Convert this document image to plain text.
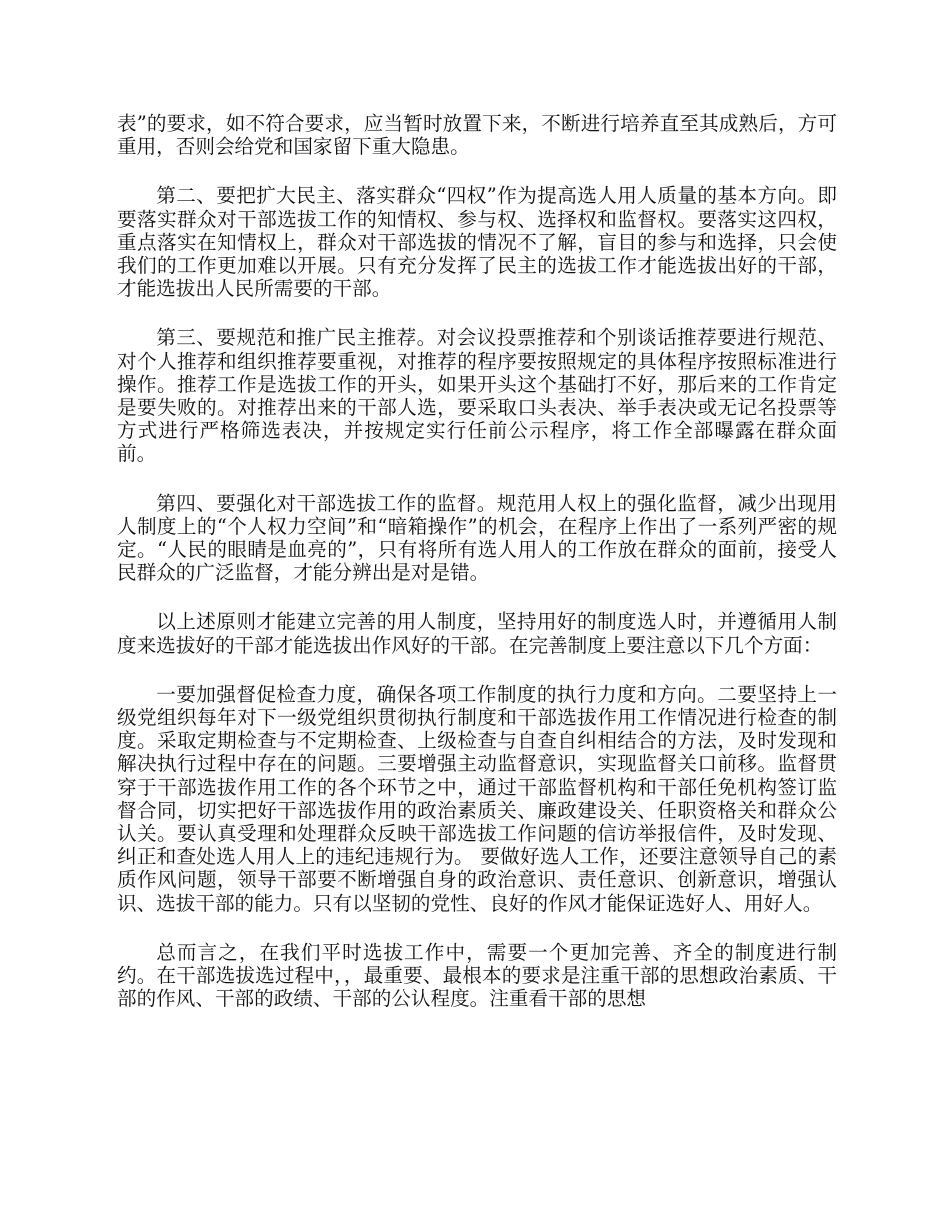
表”的要求，如不符合要求，应当暂时放置下来，不断进行培养直至其成熟后，方可重用，否则会给党和国家留下重大隐患。

第二、要把扩大民主、落实群众“四权”作为提高选人用人质量的基本方向。即要落实群众对干部选拔工作的知情权、参与权、选择权和监督权。要落实这四权，重点落实在知情权上，群众对干部选拔的情况不了解，盲目的参与和选择，只会使我们的工作更加难以开展。只有充分发挥了民主的选拔工作才能选拔出好的干部，才能选拔出人民所需要的干部。

第三、要规范和推广民主推荐。对会议投票推荐和个别谈话推荐要进行规范、对个人推荐和组织推荐要重视，对推荐的程序要按照规定的具体程序按照标准进行操作。推荐工作是选拔工作的开头，如果开头这个基础打不好，那后来的工作肯定是要失败的。对推荐出来的干部人选，要采取口头表决、举手表决或无记名投票等方式进行严格筛选表决，并按规定实行任前公示程序，将工作全部曝露在群众面前。

第四、要强化对干部选拔工作的监督。规范用人权上的强化监督，减少出现用人制度上的“个人权力空间”和“暗箱操作”的机会，在程序上作出了一系列严密的规定。“人民的眼睛是血亮的”，只有将所有选人用人的工作放在群众的面前，接受人民群众的广泛监督，才能分辨出是对是错。

以上述原则才能建立完善的用人制度，坚持用好的制度选人时，并遵循用人制度来选拔好的干部才能选拔出作风好的干部。在完善制度上要注意以下几个方面：

一要加强督促检查力度，确保各项工作制度的执行力度和方向。二要坚持上一级党组织每年对下一级党组织贯彻执行制度和干部选拔作用工作情况进行检查的制度。采取定期检查与不定期检查、上级检查与自查自纠相结合的方法，及时发现和解决执行过程中存在的问题。三要增强主动监督意识，实现监督关口前移。监督贯穿于干部选拔作用工作的各个环节之中，通过干部监督机构和干部任免机构签订监督合同，切实把好干部选拔作用的政治素质关、廉政建设关、任职资格关和群众公认关。要认真受理和处理群众反映干部选拔工作问题的信访举报信件，及时发现、纠正和查处选人用人上的违纪违规行为。 要做好选人工作，还要注意领导自己的素质作风问题，领导干部要不断增强自身的政治意识、责任意识、创新意识，增强认识、选拔干部的能力。只有以坚韧的党性、良好的作风才能保证选好人、用好人。

总而言之，在我们平时选拔工作中，需要一个更加完善、齐全的制度进行制约。在干部选拔选过程中，，最重要、最根本的要求是注重干部的思想政治素质、干部的作风、干部的政绩、干部的公认程度。注重看干部的思想
